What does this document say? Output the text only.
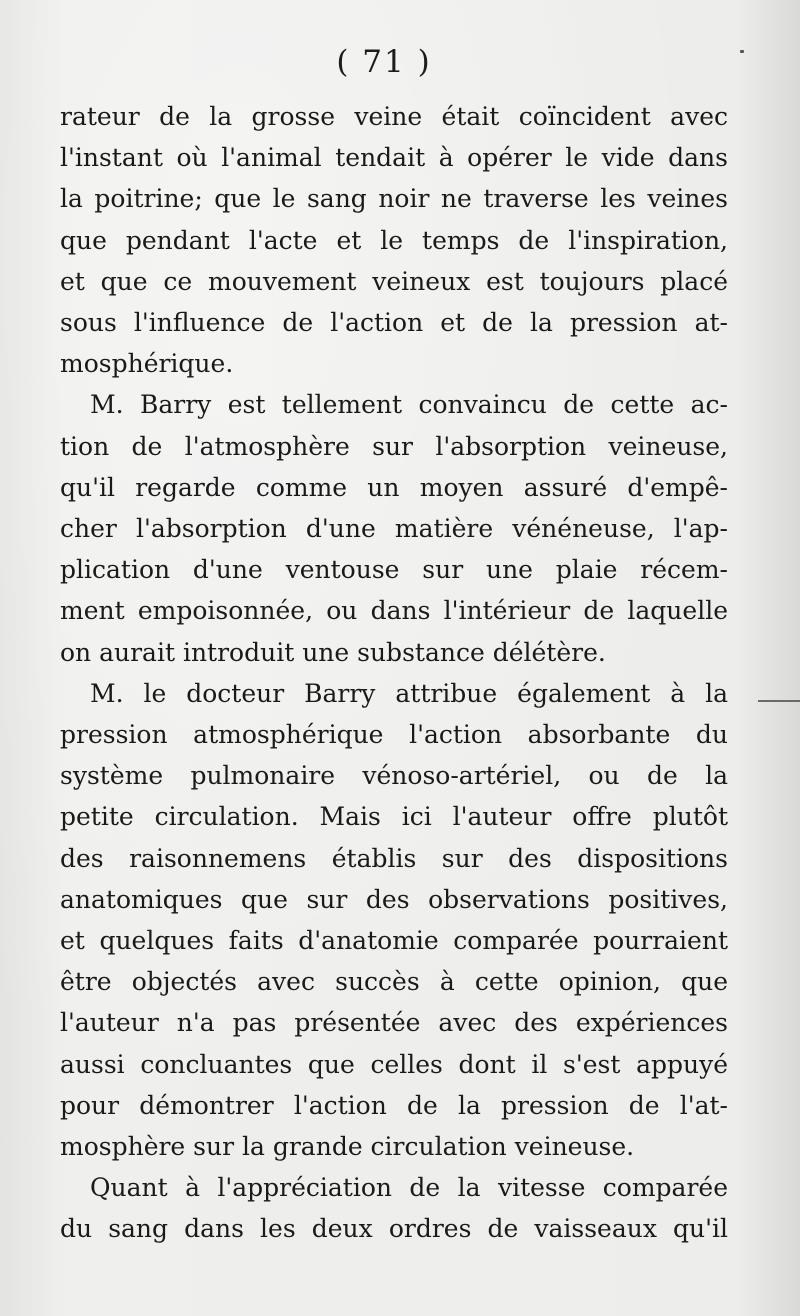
( 71 )

rateur de la grosse veine était coïncident avec
l'instant où l'animal tendait à opérer le vide dans
la poitrine; que le sang noir ne traverse les veines
que pendant l'acte et le temps de l'inspiration,
et que ce mouvement veineux est toujours placé
sous l'influence de l'action et de la pression at-
mosphérique.

M. Barry est tellement convaincu de cette ac-
tion de l'atmosphère sur l'absorption veineuse,
qu'il regarde comme un moyen assuré d'empê-
cher l'absorption d'une matière vénéneuse, l'ap-
plication d'une ventouse sur une plaie récem-
ment empoisonnée, ou dans l'intérieur de laquelle
on aurait introduit une substance délétère.

M. le docteur Barry attribue également à la
pression atmosphérique l'action absorbante du
système pulmonaire vénoso-artériel, ou de la
petite circulation. Mais ici l'auteur offre plutôt
des raisonnemens établis sur des dispositions
anatomiques que sur des observations positives,
et quelques faits d'anatomie comparée pourraient
être objectés avec succès à cette opinion, que
l'auteur n'a pas présentée avec des expériences
aussi concluantes que celles dont il s'est appuyé
pour démontrer l'action de la pression de l'at-
mosphère sur la grande circulation veineuse.

Quant à l'appréciation de la vitesse comparée
du sang dans les deux ordres de vaisseaux qu'il
